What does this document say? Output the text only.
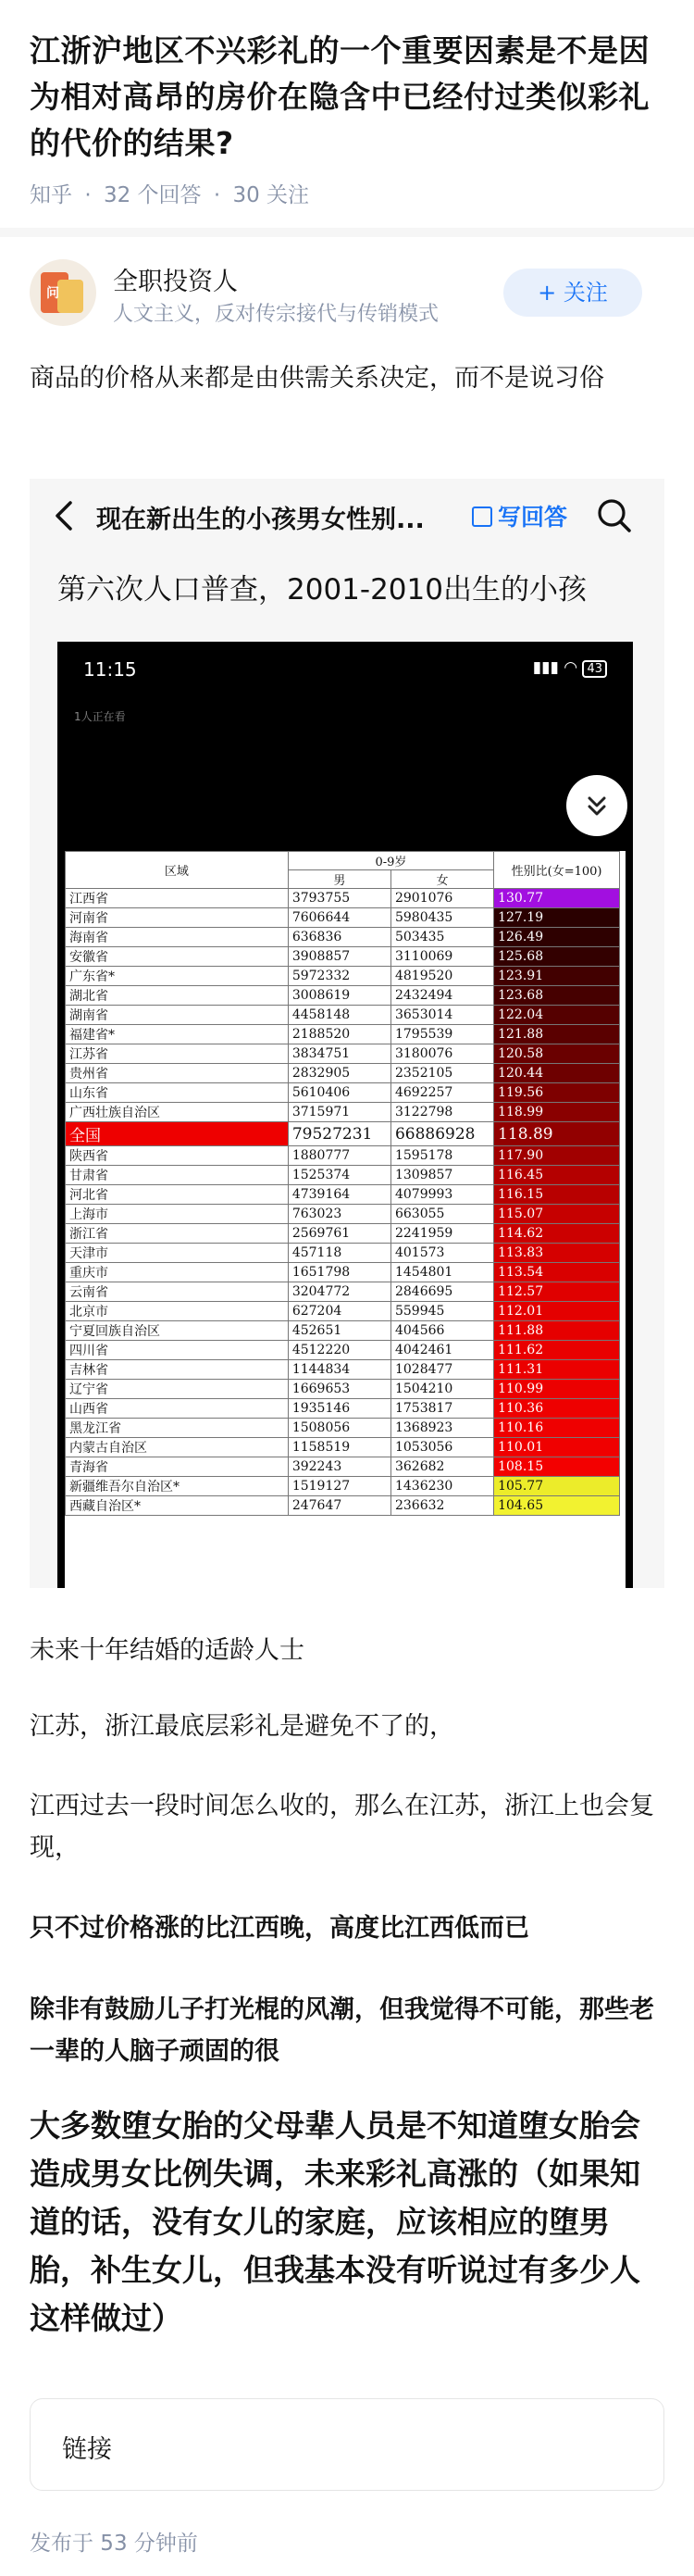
江浙沪地区不兴彩礼的一个重要因素是不是因为相对高昂的房价在隐含中已经付过类似彩礼的代价的结果?
知乎 · 32 个回答 · 30 关注
问 全职投资人
人文主义，反对传宗接代与传销模式
+ 关注
商品的价格从来都是由供需关系决定，而不是说习俗
现在新出生的小孩男女性别...	写回答
第六次人口普查，2001-2010出生的小孩
11:15	▮▮▮ ◠ 43
1人正在看
区域	0-9岁		性别比(女=100)
	男	女	
江西省	3793755	2901076	130.77
河南省	7606644	5980435	127.19
海南省	636836	503435	126.49
安徽省	3908857	3110069	125.68
广东省*	5972332	4819520	123.91
湖北省	3008619	2432494	123.68
湖南省	4458148	3653014	122.04
福建省*	2188520	1795539	121.88
江苏省	3834751	3180076	120.58
贵州省	2832905	2352105	120.44
山东省	5610406	4692257	119.56
广西壮族自治区	3715971	3122798	118.99
全国	79527231	66886928	118.89
陕西省	1880777	1595178	117.90
甘肃省	1525374	1309857	116.45
河北省	4739164	4079993	116.15
上海市	763023	663055	115.07
浙江省	2569761	2241959	114.62
天津市	457118	401573	113.83
重庆市	1651798	1454801	113.54
云南省	3204772	2846695	112.57
北京市	627204	559945	112.01
宁夏回族自治区	452651	404566	111.88
四川省	4512220	4042461	111.62
吉林省	1144834	1028477	111.31
辽宁省	1669653	1504210	110.99
山西省	1935146	1753817	110.36
黑龙江省	1508056	1368923	110.16
内蒙古自治区	1158519	1053056	110.01
青海省	392243	362682	108.15
新疆维吾尔自治区*	1519127	1436230	105.77
西藏自治区*	247647	236632	104.65
未来十年结婚的适龄人士
江苏，浙江最底层彩礼是避免不了的，
江西过去一段时间怎么收的，那么在江苏，浙江上也会复现，
只不过价格涨的比江西晚，高度比江西低而已
除非有鼓励儿子打光棍的风潮，但我觉得不可能，那些老一辈的人脑子顽固的很
大多数堕女胎的父母辈人员是不知道堕女胎会造成男女比例失调，未来彩礼高涨的（如果知道的话，没有女儿的家庭，应该相应的堕男胎，补生女儿，但我基本没有听说过有多少人这样做过）
链接
发布于 53 分钟前
